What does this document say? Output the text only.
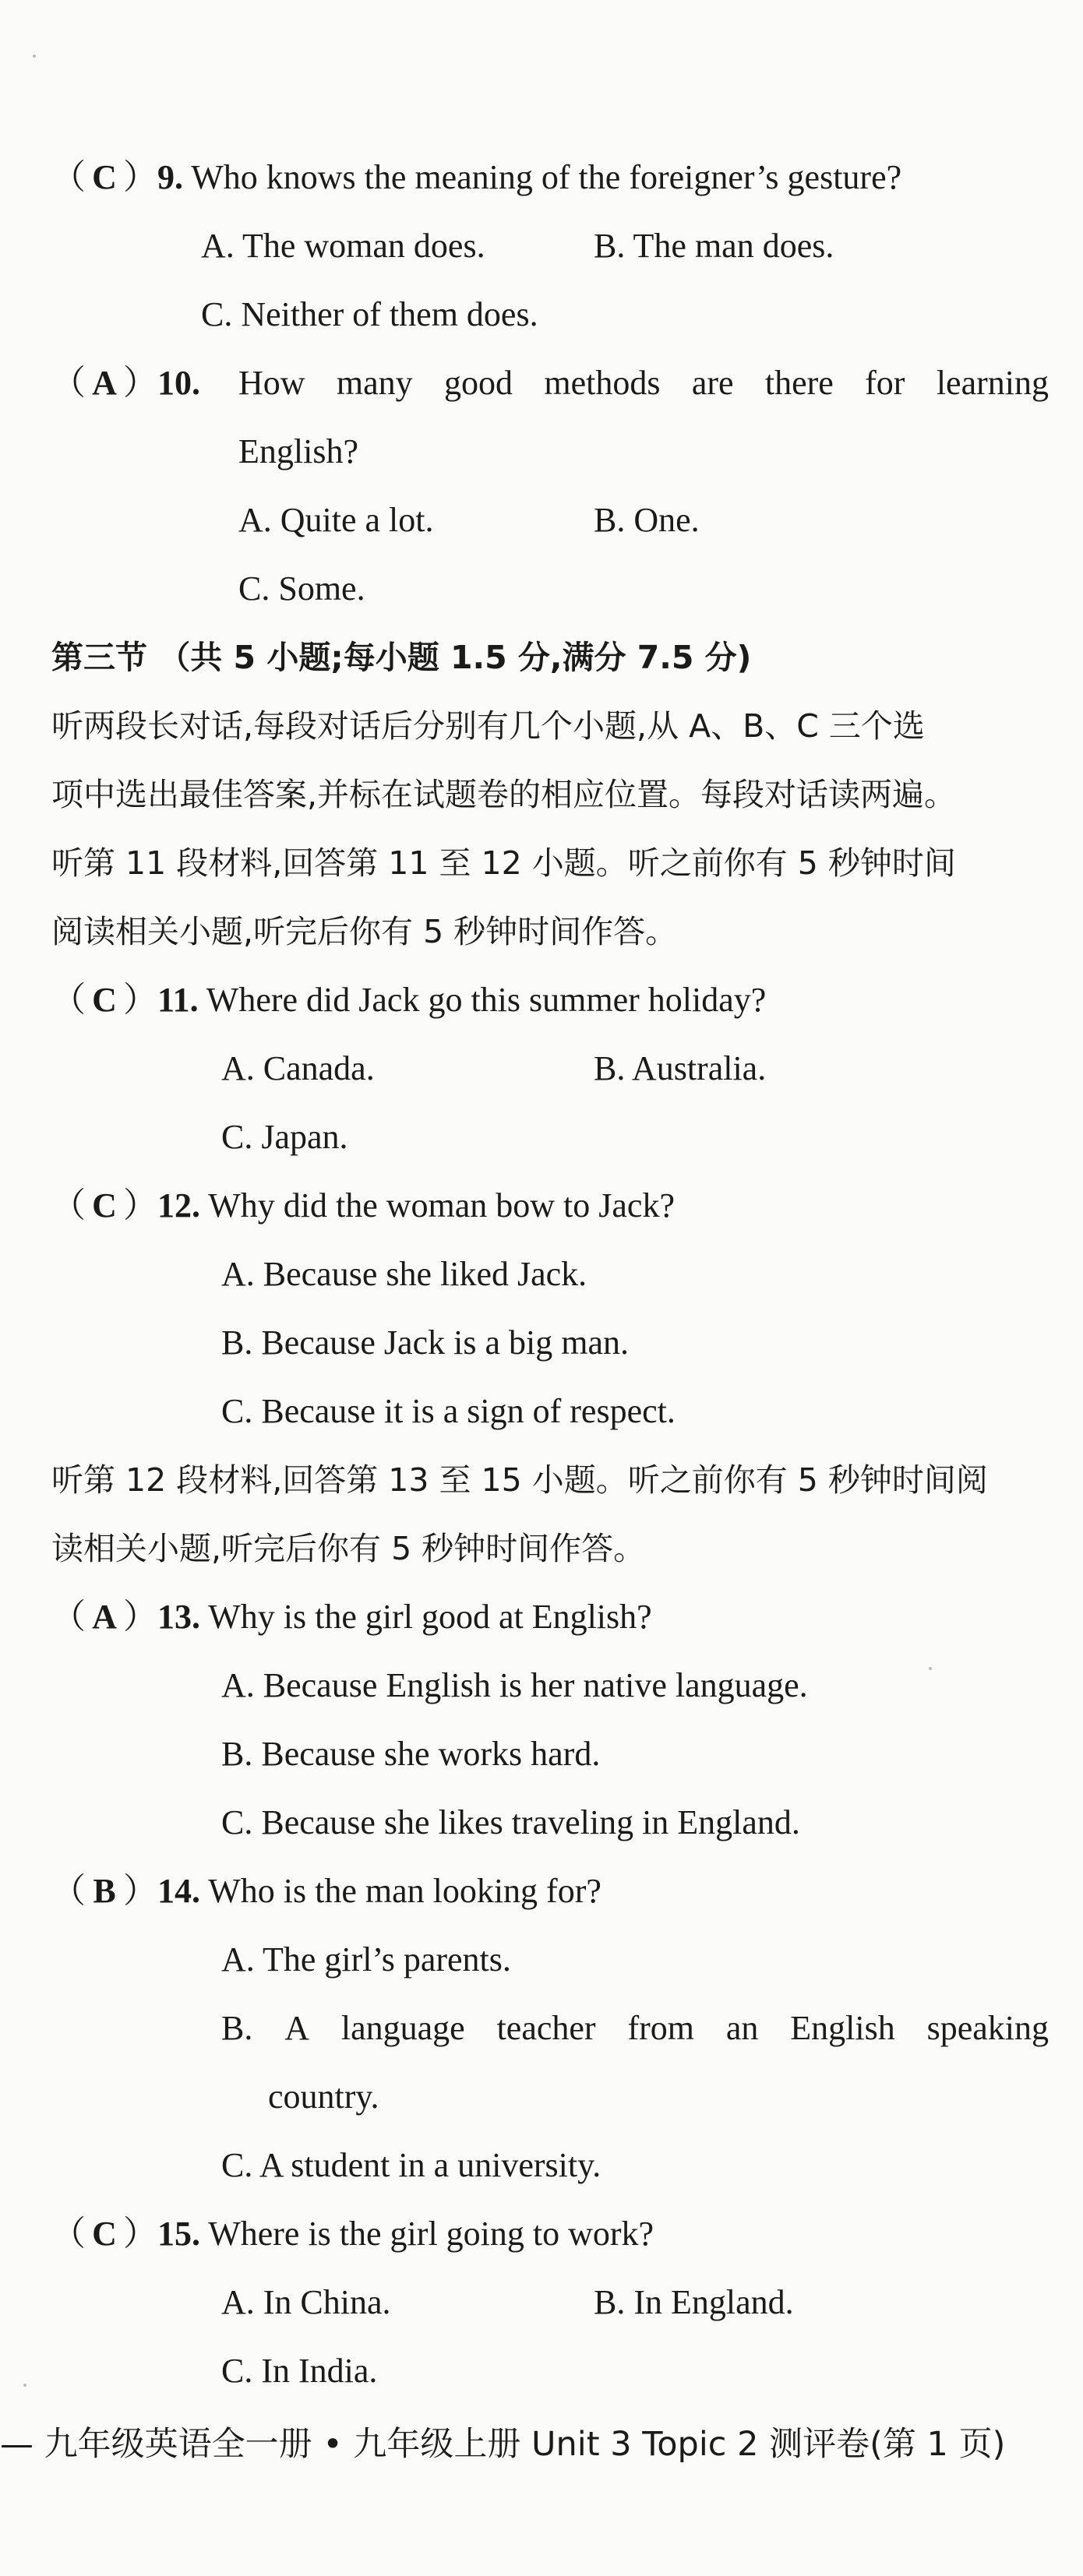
（ C ）9. Who knows the meaning of the foreigner’s gesture?
A. The woman does.	B. The man does.
C. Neither of them does.
（ A ）10. How many good methods are there for learning
English?
A. Quite a lot.	B. One.
C. Some.
第三节 （共 5 小题;每小题 1.5 分,满分 7.5 分)
听两段长对话,每段对话后分别有几个小题,从 A、B、C 三个选
项中选出最佳答案,并标在试题卷的相应位置。每段对话读两遍。
听第 11 段材料,回答第 11 至 12 小题。听之前你有 5 秒钟时间
阅读相关小题,听完后你有 5 秒钟时间作答。
（ C ）11. Where did Jack go this summer holiday?
A. Canada.	B. Australia.
C. Japan.
（ C ）12. Why did the woman bow to Jack?
A. Because she liked Jack.
B. Because Jack is a big man.
C. Because it is a sign of respect.
听第 12 段材料,回答第 13 至 15 小题。听之前你有 5 秒钟时间阅
读相关小题,听完后你有 5 秒钟时间作答。
（ A ）13. Why is the girl good at English?
A. Because English is her native language.
B. Because she works hard.
C. Because she likes traveling in England.
（ B ）14. Who is the man looking for?
A. The girl’s parents.
B. A language teacher from an English speaking
country.
C. A student in a university.
（ C ）15. Where is the girl going to work?
A. In China.	B. In England.
C. In India.
— 九年级英语全一册 • 九年级上册 Unit 3 Topic 2 测评卷(第 1 页)
